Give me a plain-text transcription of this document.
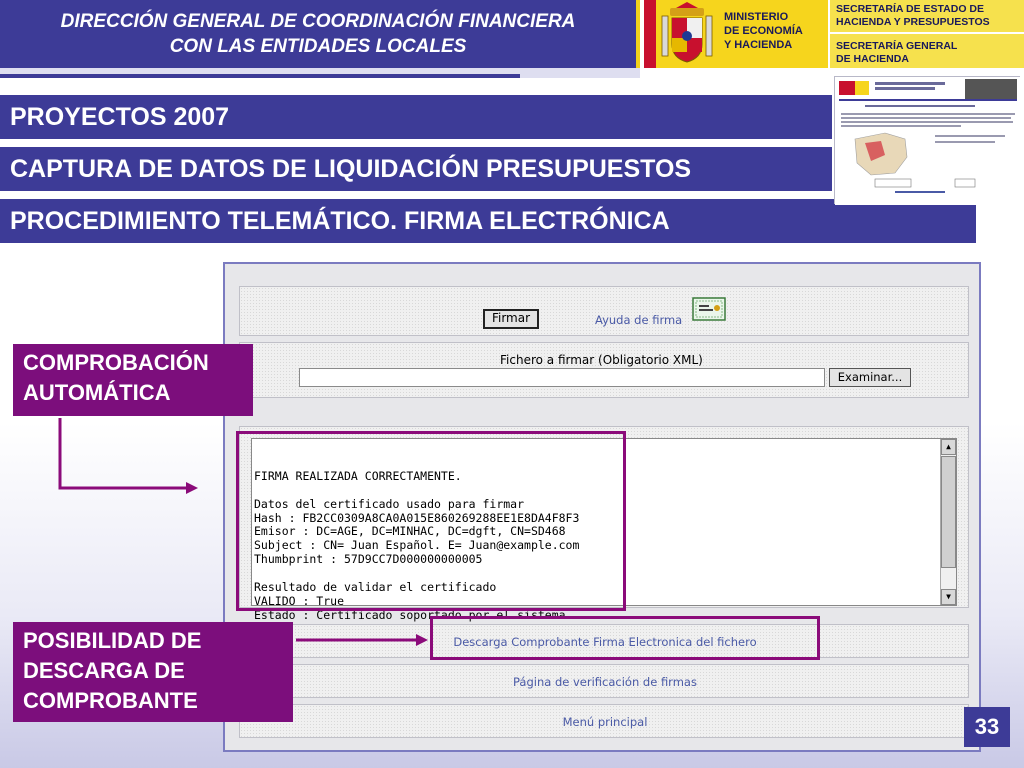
DIRECCIÓN GENERAL DE COORDINACIÓN FINANCIERA
CON LAS ENTIDADES LOCALES
MINISTERIO
DE ECONOMÍA
Y HACIENDA
SECRETARÍA DE ESTADO DE
HACIENDA Y PRESUPUESTOS
SECRETARÍA GENERAL
DE HACIENDA
PROYECTOS 2007
CAPTURA DE DATOS DE LIQUIDACIÓN PRESUPUESTOS
PROCEDIMIENTO TELEMÁTICO. FIRMA ELECTRÓNICA
Firmar	Ayuda de firma
Fichero a firmar (Obligatorio XML)
Examinar...

FIRMA REALIZADA CORRECTAMENTE.

Datos del certificado usado para firmar
Hash : FB2CC0309A8CA0A015E860269288EE1E8DA4F8F3
Emisor : DC=AGE, DC=MINHAC, DC=dgft, CN=SD468
Subject : CN= Juan Español. E= Juan@example.com
Thumbprint : 57D9CC7D000000000005

Resultado de validar el certificado
VALIDO : True
Estado : Certificado soportado por el sistema

▲

▼

Descarga Comprobante Firma Electronica del fichero
Página de verificación de firmas
Menú principal
COMPROBACIÓN
AUTOMÁTICA
POSIBILIDAD DE
DESCARGA DE
COMPROBANTE
33
